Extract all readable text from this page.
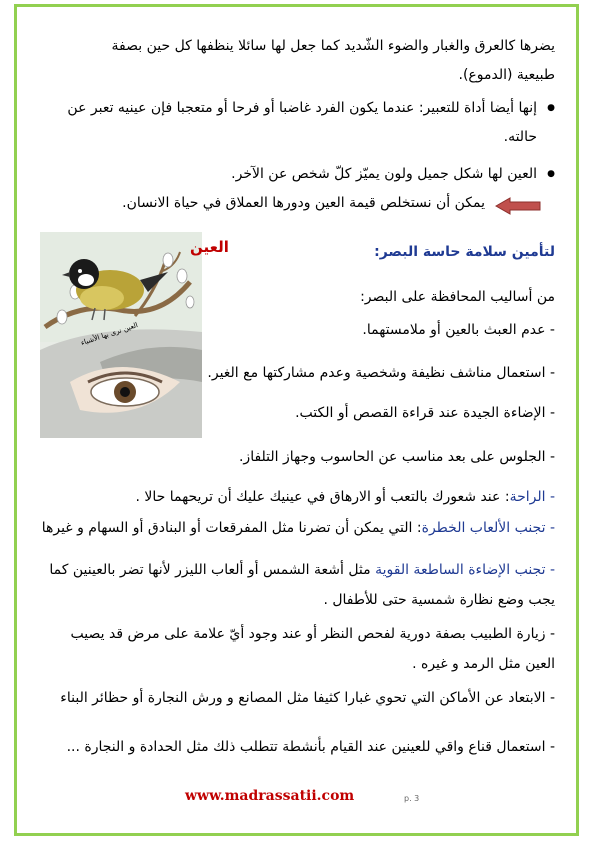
يضرها كالعرق والغبار والضوء الشّديد كما جعل لها سائلا ينظفها كل حين بصفة
طبيعية (الدموع).
إنها أيضا أداة للتعبير: عندما يكون الفرد غاضبا أو فرحا أو متعجبا فإن عينيه تعبر عن ●
حالته.
العين لها شكل جميل ولون يميّز كلّ شخص عن الآخر. ●
يمكن أن نستخلص قيمة العين ودورها العملاق في حياة الانسان.
لتأمين سلامة حاسة البصر:
من أساليب المحافظة على البصر:
- عدم العبث بالعين أو ملامستهما.
- استعمال مناشف نظيفة وشخصية وعدم مشاركتها مع الغير.
- الإضاءة الجيدة عند قراءة القصص أو الكتب.
- الجلوس على بعد مناسب عن الحاسوب وجهاز التلفاز.
- الراحة: عند شعورك بالتعب أو الارهاق في عينيك عليك أن تريحهما حالا .
- تجنب الألعاب الخطرة: التي يمكن أن تضرنا مثل المفرقعات أو البنادق أو السهام و غيرها
- تجنب الإضاءة الساطعة القوية مثل أشعة الشمس أو ألعاب الليزر لأنها تضر بالعينين كما
يجب وضع نظارة شمسية حتى للأطفال .
- زيارة الطبيب بصفة دورية لفحص النظر أو عند وجود أيّ علامة على مرض قد يصيب
العين مثل الرمد و غيره .
- الابتعاد عن الأماكن التي تحوي غبارا كثيفا مثل المصانع و ورش النجارة أو حظائر البناء
- استعمال قناع واقي للعينين عند القيام بأنشطة تتطلب ذلك مثل الحدادة و النجارة ...
العين
العين نرى بها الأشياء
www.madrassatii.com	p. 3
